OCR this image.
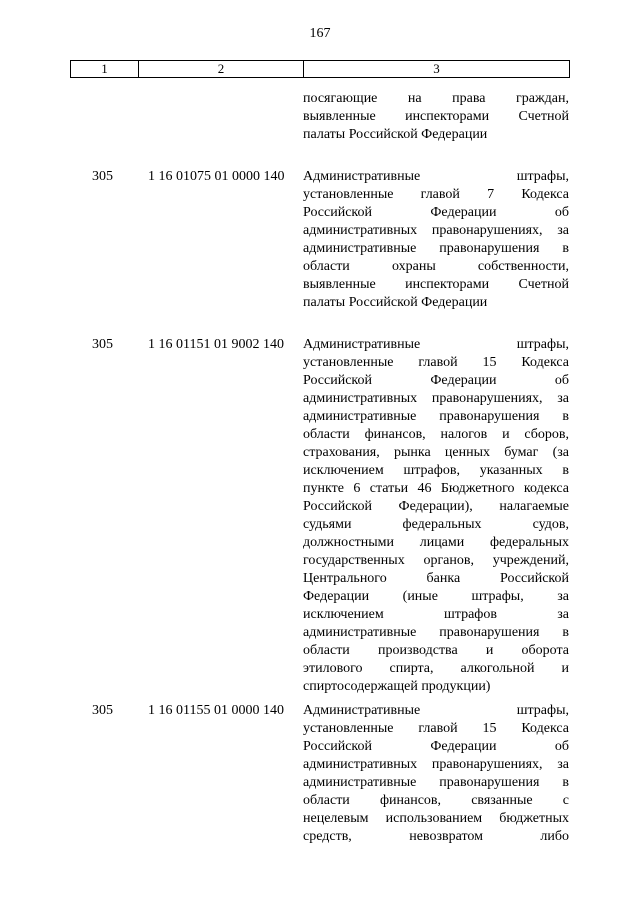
167
1	2	3
посягающие на права граждан,
выявленные инспекторами Счетной
палаты Российской Федерации
305	1 16 01075 01 0000 140 Административные штрафы,
установленные главой 7 Кодекса
Российской Федерации об
административных правонарушениях, за
административные правонарушения в
области охраны собственности,
выявленные инспекторами Счетной
палаты Российской Федерации
305	1 16 01151 01 9002 140 Административные штрафы,
установленные главой 15 Кодекса
Российской Федерации об
административных правонарушениях, за
административные правонарушения в
области финансов, налогов и сборов,
страхования, рынка ценных бумаг (за
исключением штрафов, указанных в
пункте 6 статьи 46 Бюджетного кодекса
Российской Федерации), налагаемые
судьями федеральных судов,
должностными лицами федеральных
государственных органов, учреждений,
Центрального банка Российской
Федерации (иные штрафы, за
исключением штрафов за
административные правонарушения в
области производства и оборота
этилового спирта, алкогольной и
спиртосодержащей продукции)
305	1 16 01155 01 0000 140 Административные штрафы,
установленные главой 15 Кодекса
Российской Федерации об
административных правонарушениях, за
административные правонарушения в
области финансов, связанные с
нецелевым использованием бюджетных
средств, невозвратом либо
